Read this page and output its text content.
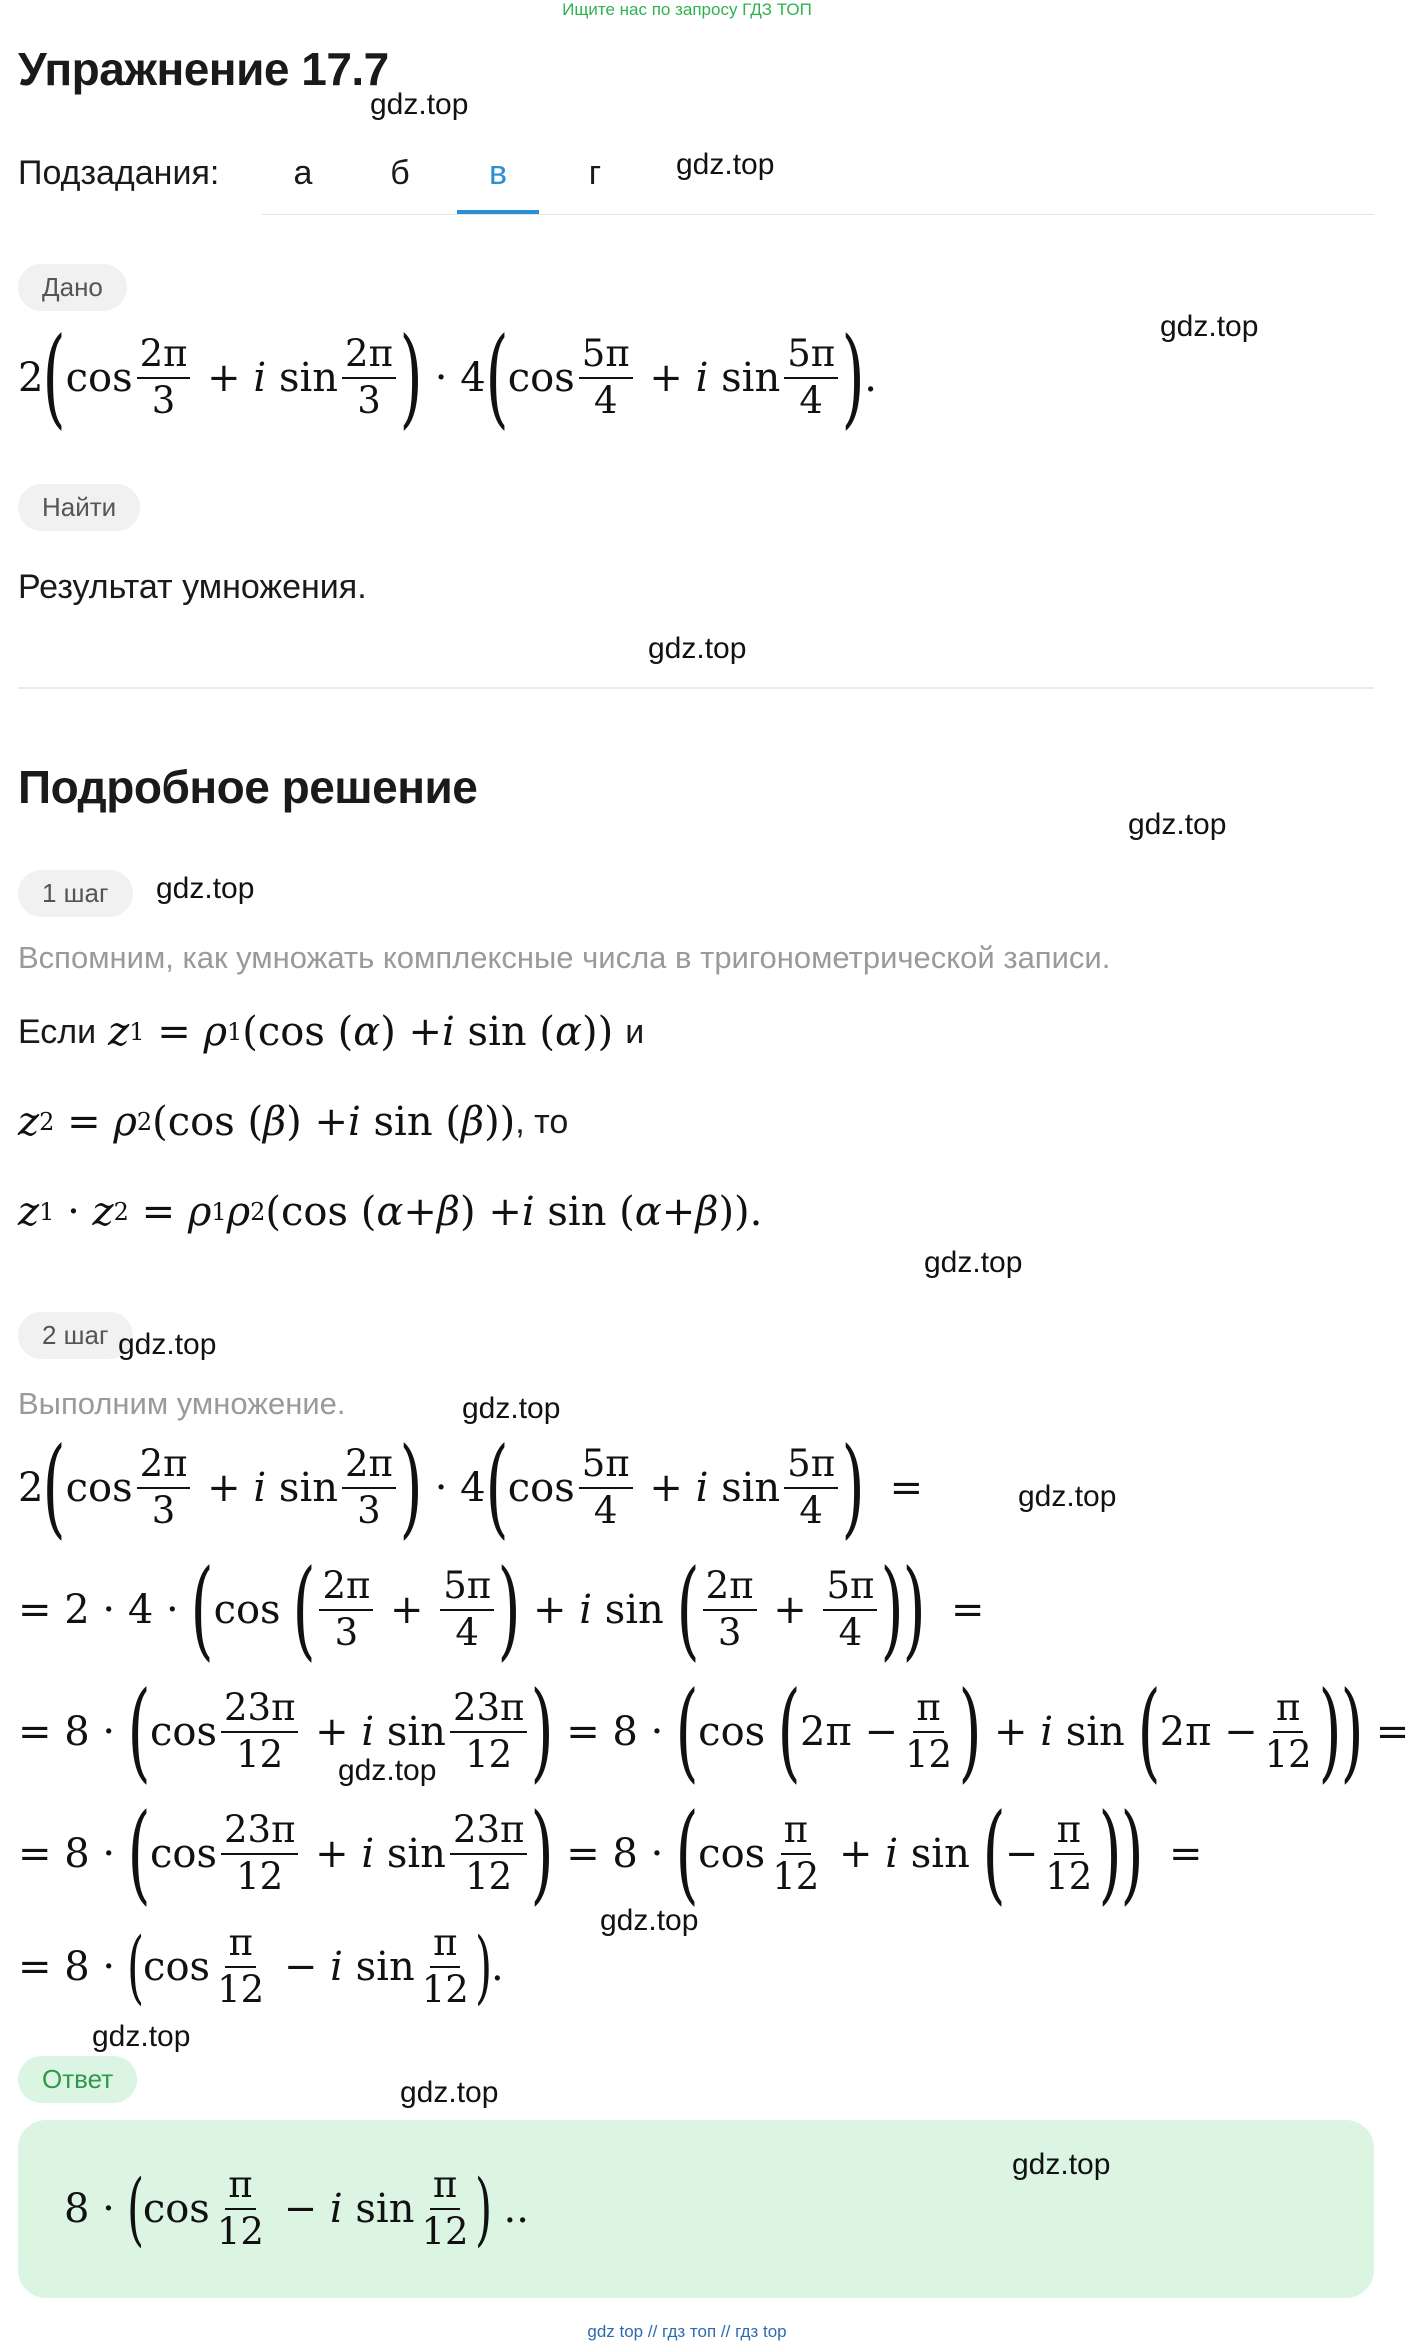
Ищите нас по запросу ГДЗ ТОП
Упражнение 17.7
gdz.top
Подзадания:	а	б	в	г	gdz.top
Дано
gdz.top
2 ( $\cos \frac{2\pi}{3} + i$
$\sin \frac{2\pi}{3}$ )
·
4 ( $\cos \frac{5\pi}{4} + i$
$\sin \frac{5\pi}{4}$ ) .
Найти
Результат умножения.
gdz.top
Подробное решение
gdz.top
1 шаг	gdz.top
Вспомним, как умножать комплексные числа в тригонометрической записи.
Если z 1 = ρ 1 (cos ( α ) + i sin ( α )) и
z 2 = ρ 2 (cos ( β ) + i sin ( β )) , то
z 1 · z 2 = ρ 1 ρ 2 (cos ( α + β ) + i sin ( α + β )).
gdz.top
2 шаг gdz.top
Выполним умножение.	gdz.top
gdz.top
2 ( $\cos \frac{2\pi}{3} + i$ $\sin \frac{2\pi}{3}$ ) · 4 ( $\cos \frac{5\pi}{4} + i$ $\sin \frac{5\pi}{4}$ ) =
= 2 · 4 · ( cos ( $\frac{2\pi}{3} + \frac{5\pi}{4}$ ) + i sin ( $\frac{2\pi}{3} + \frac{5\pi}{4}$ )
) =
= 8 · ( $\cos \frac{23\pi}{12} + i$ $\sin \frac{23\pi}{12}$ ) = 8 · ( cos ( $2\pi - \frac{\pi}{12}$ ) + i sin ( $2\pi - \frac{\pi}{12}$ )
) =
gdz.top
= 8 · ( $\cos \frac{23\pi}{12} + i$ $\sin \frac{23\pi}{12}$ ) = 8 · ( $\cos \frac{\pi}{12} + i$ sin ( − $\frac{\pi}{12}$ )
) =
gdz.top
= 8 · ( $\cos \frac{\pi}{12} - i$ $\sin \frac{\pi}{12}$ ) .
gdz.top
Ответ	gdz.top
gdz.top
8 · ( $\cos \frac{\pi}{12} - i$ $\sin \frac{\pi}{12}$ ) ..
gdz top // гдз топ // гдз top
